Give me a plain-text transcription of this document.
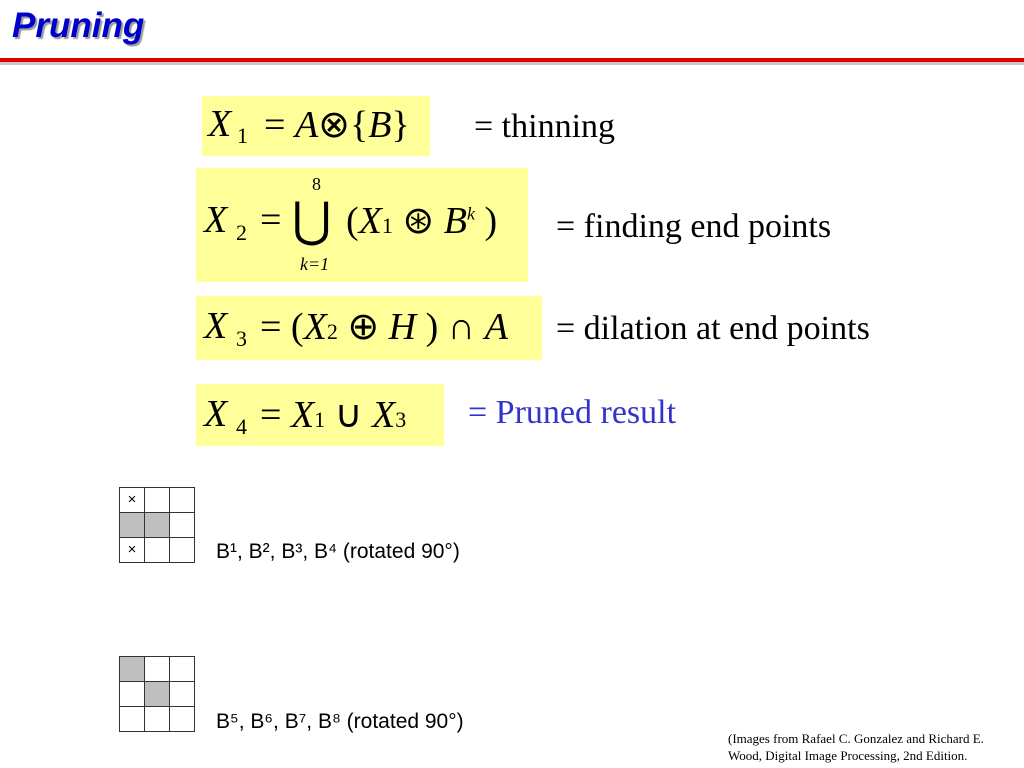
Pruning
X 1 = A⊗{B} = thinning
X 2 =
8
⋃
k=1
(X1 ⊛ $B^k$ ) = finding end points
X 3 = (X2 ⊕ H ) ∩ A = dilation at end points
X 4 = X1 ∪ X3 = Pruned result
×		

×			B¹, B², B³, B⁴ (rotated 90°)

B⁵, B⁶, B⁷, B⁸ (rotated 90°)
(Images from Rafael C. Gonzalez and Richard E. Wood, Digital Image Processing, 2nd Edition.
